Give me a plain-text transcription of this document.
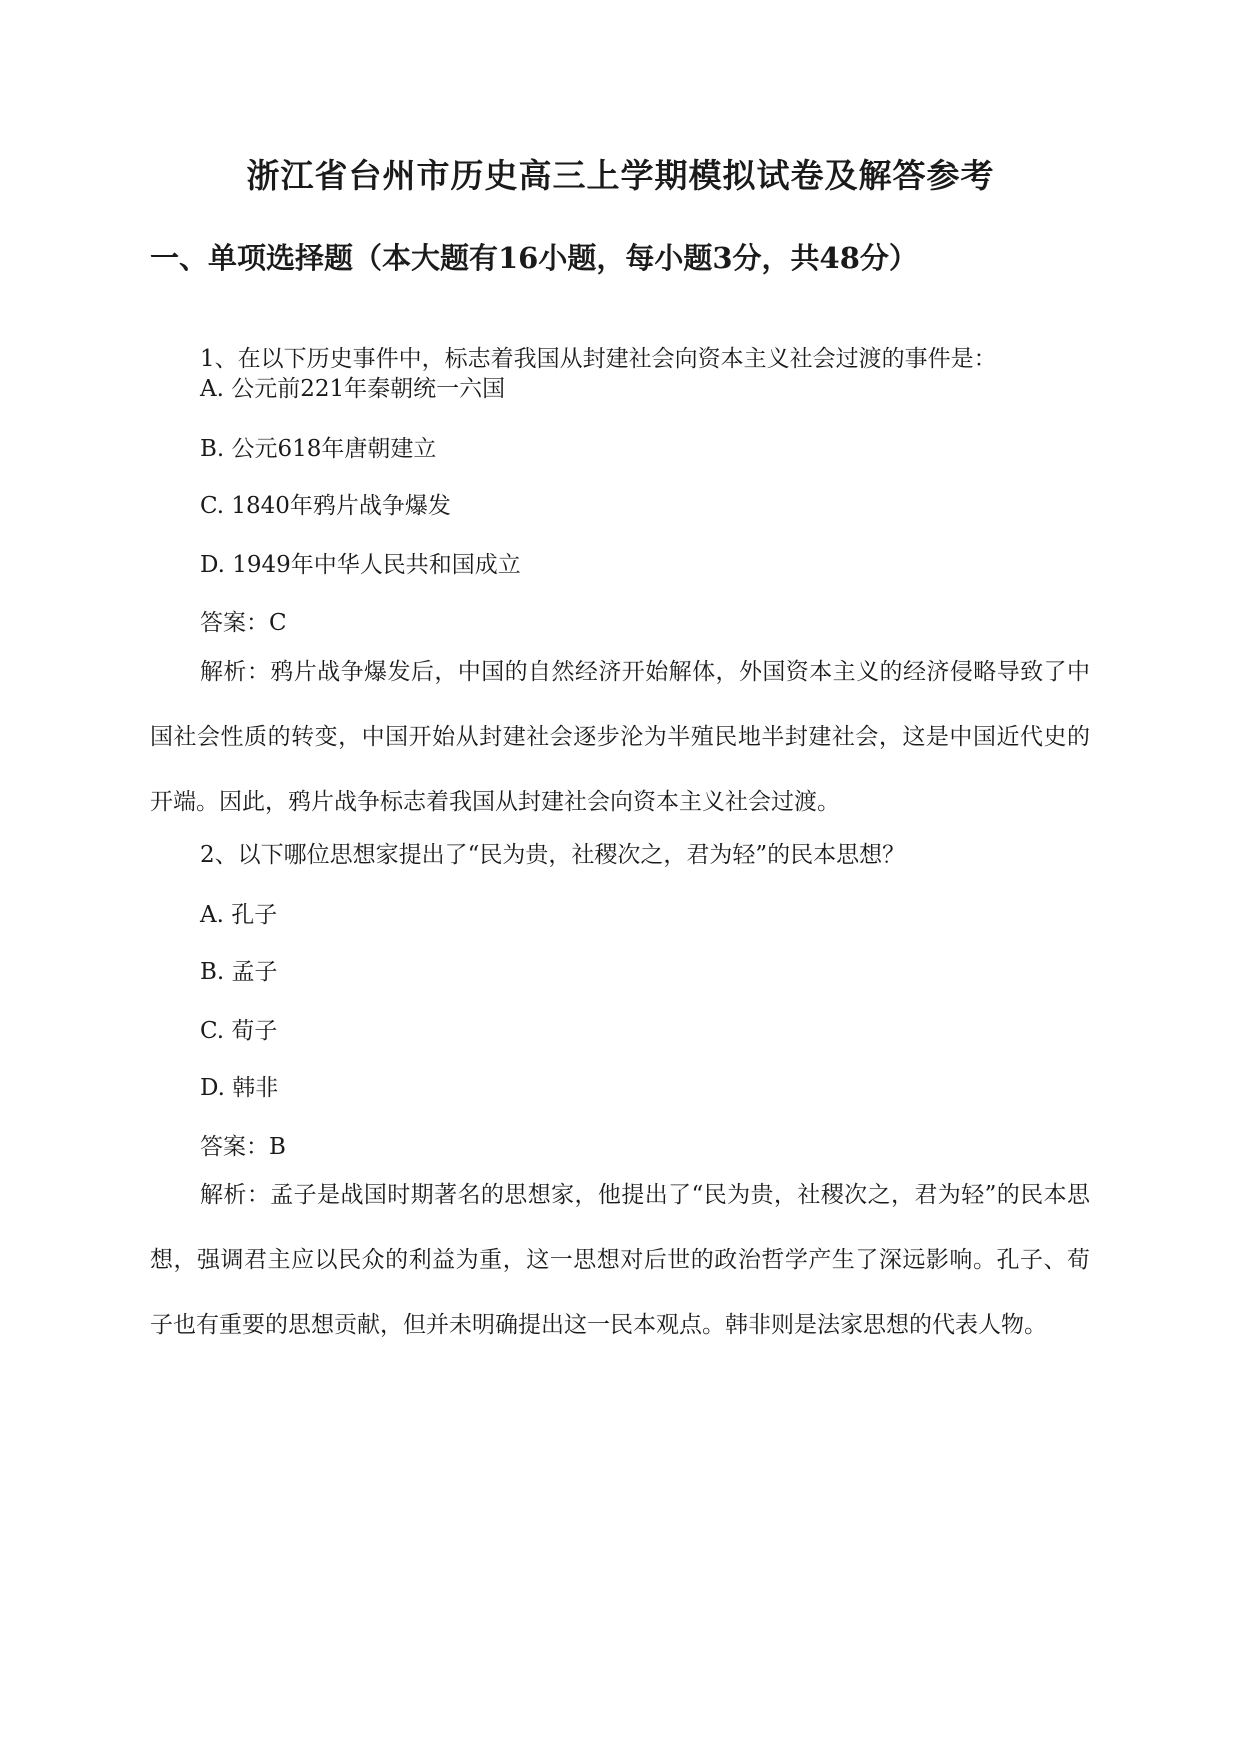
浙江省台州市历史高三上学期模拟试卷及解答参考
一、单项选择题（本大题有16小题，每小题3分，共48分）

1、在以下历史事件中，标志着我国从封建社会向资本主义社会过渡的事件是：

A. 公元前221年秦朝统一六国

B. 公元618年唐朝建立

C. 1840年鸦片战争爆发

D. 1949年中华人民共和国成立

答案：C

解析：鸦片战争爆发后，中国的自然经济开始解体，外国资本主义的经济侵略导致了中国社会性质的转变，中国开始从封建社会逐步沦为半殖民地半封建社会，这是中国近代史的开端。因此，鸦片战争标志着我国从封建社会向资本主义社会过渡。

2、以下哪位思想家提出了“民为贵，社稷次之，君为轻”的民本思想？

A. 孔子

B. 孟子

C. 荀子

D. 韩非

答案：B

解析：孟子是战国时期著名的思想家，他提出了“民为贵，社稷次之，君为轻”的民本思想，强调君主应以民众的利益为重，这一思想对后世的政治哲学产生了深远影响。孔子、荀子也有重要的思想贡献，但并未明确提出这一民本观点。韩非则是法家思想的代表人物。
